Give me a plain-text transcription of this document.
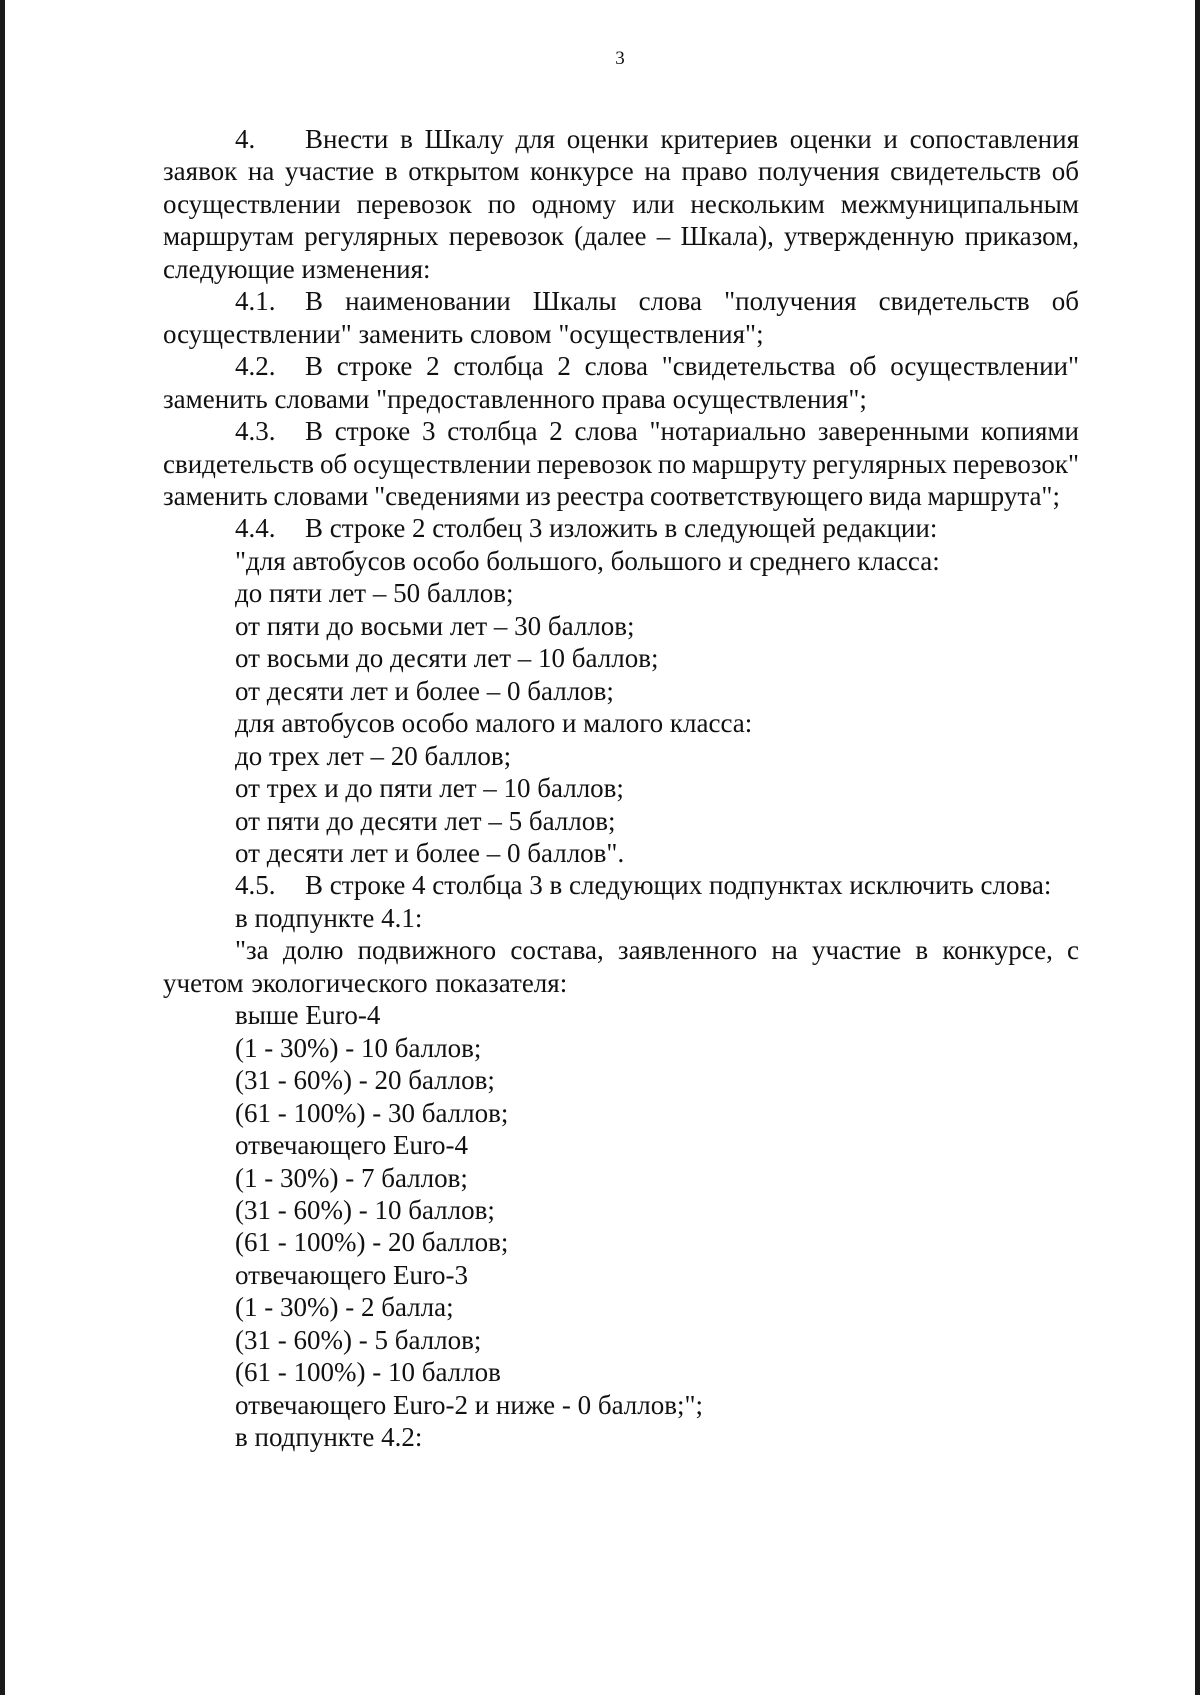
3

4. Внести в Шкалу для оценки критериев оценки и сопоставления заявок на участие в открытом конкурсе на право получения свидетельств об осуществлении перевозок по одному или нескольким межмуниципальным маршрутам регулярных перевозок (далее – Шкала), утвержденную приказом, следующие изменения:

4.1. В наименовании Шкалы слова "получения свидетельств об осуществлении" заменить словом "осуществления";

4.2. В строке 2 столбца 2 слова "свидетельства об осуществлении" заменить словами "предоставленного права осуществления";

4.3. В строке 3 столбца 2 слова "нотариально заверенными копиями свидетельств об осуществлении перевозок по маршруту регулярных перевозок" заменить словами "сведениями из реестра соответствующего вида маршрута";

4.4. В строке 2 столбец 3 изложить в следующей редакции:

"для автобусов особо большого, большого и среднего класса:

до пяти лет – 50 баллов;

от пяти до восьми лет – 30 баллов;

от восьми до десяти лет – 10 баллов;

от десяти лет и более – 0 баллов;

для автобусов особо малого и малого класса:

до трех лет – 20 баллов;

от трех и до пяти лет – 10 баллов;

от пяти до десяти лет – 5 баллов;

от десяти лет и более – 0 баллов".

4.5. В строке 4 столбца 3 в следующих подпунктах исключить слова:

в подпункте 4.1:

"за долю подвижного состава, заявленного на участие в конкурсе, с учетом экологического показателя:

выше Euro-4

(1 - 30%) - 10 баллов;

(31 - 60%) - 20 баллов;

(61 - 100%) - 30 баллов;

отвечающего Euro-4

(1 - 30%) - 7 баллов;

(31 - 60%) - 10 баллов;

(61 - 100%) - 20 баллов;

отвечающего Euro-3

(1 - 30%) - 2 балла;

(31 - 60%) - 5 баллов;

(61 - 100%) - 10 баллов

отвечающего Euro-2 и ниже - 0 баллов;";

в подпункте 4.2:
